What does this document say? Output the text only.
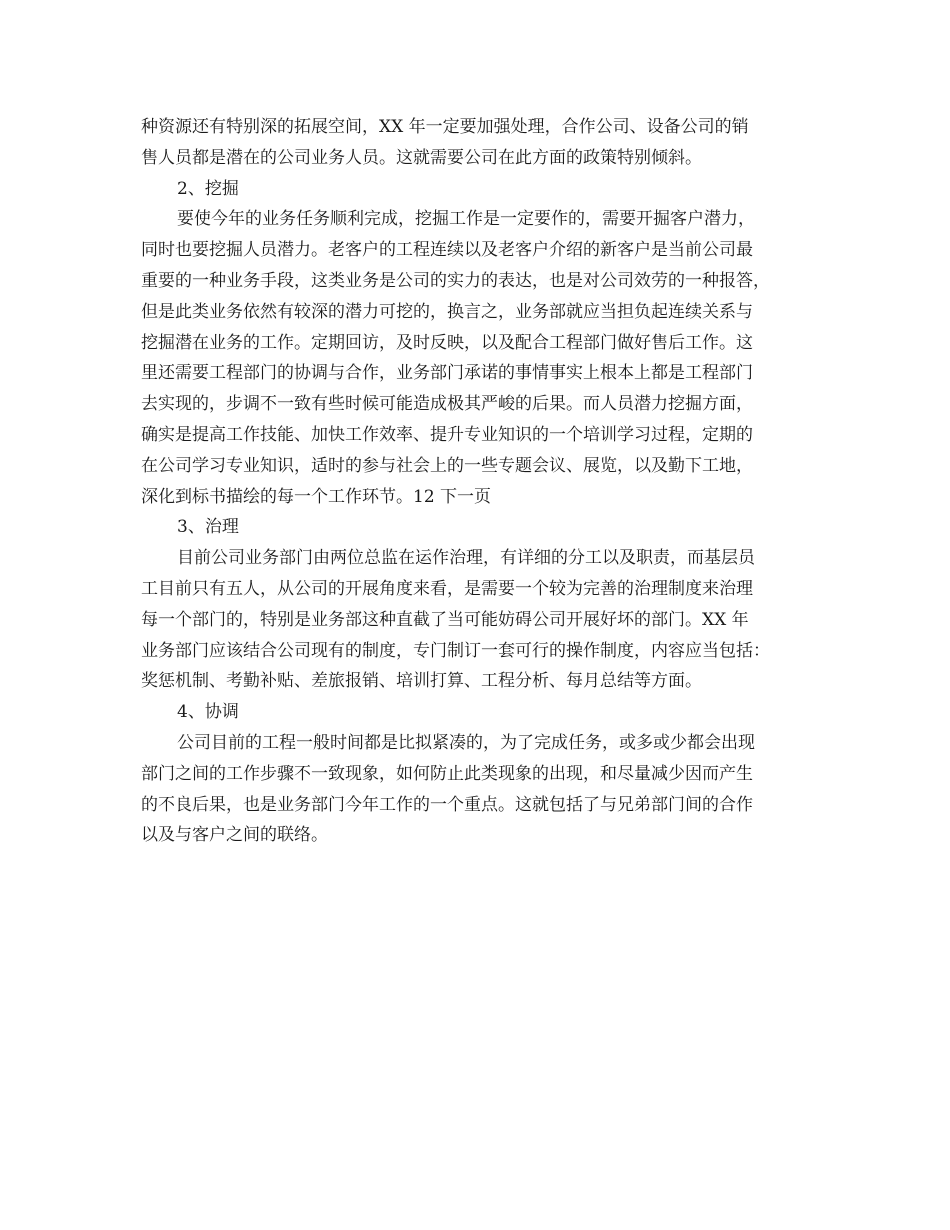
种资源还有特别深的拓展空间，XX 年一定要加强处理，合作公司、设备公司的销
售人员都是潜在的公司业务人员。这就需要公司在此方面的政策特别倾斜。
2、挖掘
要使今年的业务任务顺利完成，挖掘工作是一定要作的，需要开掘客户潜力，
同时也要挖掘人员潜力。老客户的工程连续以及老客户介绍的新客户是当前公司最
重要的一种业务手段，这类业务是公司的实力的表达，也是对公司效劳的一种报答，
但是此类业务依然有较深的潜力可挖的，换言之，业务部就应当担负起连续关系与
挖掘潜在业务的工作。定期回访，及时反映，以及配合工程部门做好售后工作。这
里还需要工程部门的协调与合作，业务部门承诺的事情事实上根本上都是工程部门
去实现的，步调不一致有些时候可能造成极其严峻的后果。而人员潜力挖掘方面，
确实是提高工作技能、加快工作效率、提升专业知识的一个培训学习过程，定期的
在公司学习专业知识，适时的参与社会上的一些专题会议、展览，以及勤下工地，
深化到标书描绘的每一个工作环节。12 下一页
3、治理
目前公司业务部门由两位总监在运作治理，有详细的分工以及职责，而基层员
工目前只有五人，从公司的开展角度来看，是需要一个较为完善的治理制度来治理
每一个部门的，特别是业务部这种直截了当可能妨碍公司开展好坏的部门。XX 年
业务部门应该结合公司现有的制度，专门制订一套可行的操作制度，内容应当包括：
奖惩机制、考勤补贴、差旅报销、培训打算、工程分析、每月总结等方面。
4、协调
公司目前的工程一般时间都是比拟紧凑的，为了完成任务，或多或少都会出现
部门之间的工作步骤不一致现象，如何防止此类现象的出现，和尽量减少因而产生
的不良后果，也是业务部门今年工作的一个重点。这就包括了与兄弟部门间的合作
以及与客户之间的联络。
